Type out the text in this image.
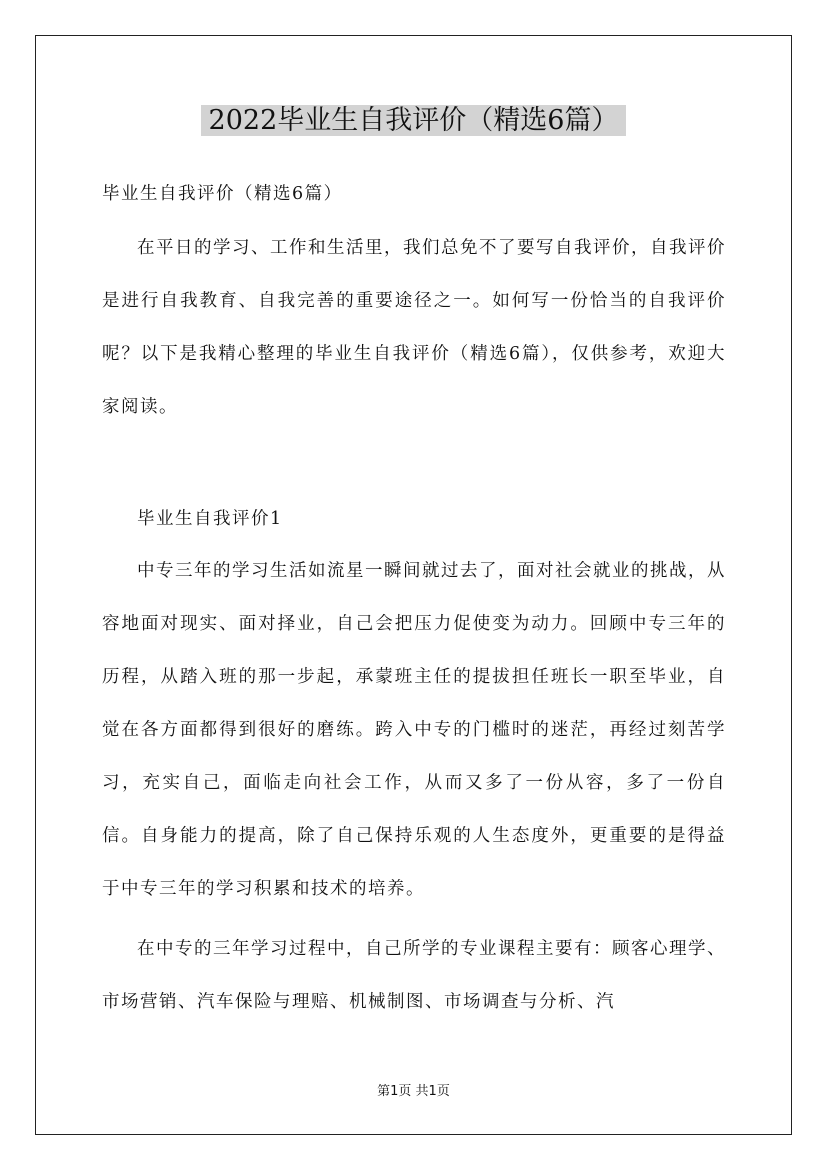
2022毕业生自我评价（精选6篇）
毕业生自我评价（精选6篇）
在平日的学习、工作和生活里，我们总免不了要写自我评价，自我评价是进行自我教育、自我完善的重要途径之一。如何写一份恰当的自我评价呢？以下是我精心整理的毕业生自我评价（精选6篇），仅供参考，欢迎大家阅读。
毕业生自我评价1
中专三年的学习生活如流星一瞬间就过去了，面对社会就业的挑战，从容地面对现实、面对择业，自己会把压力促使变为动力。回顾中专三年的历程，从踏入班的那一步起，承蒙班主任的提拔担任班长一职至毕业，自觉在各方面都得到很好的磨练。跨入中专的门槛时的迷茫，再经过刻苦学习，充实自己，面临走向社会工作，从而又多了一份从容，多了一份自信。自身能力的提高，除了自己保持乐观的人生态度外，更重要的是得益于中专三年的学习积累和技术的培养。
在中专的三年学习过程中，自己所学的专业课程主要有：顾客心理学、市场营销、汽车保险与理赔、机械制图、市场调查与分析、汽
第1页 共1页
